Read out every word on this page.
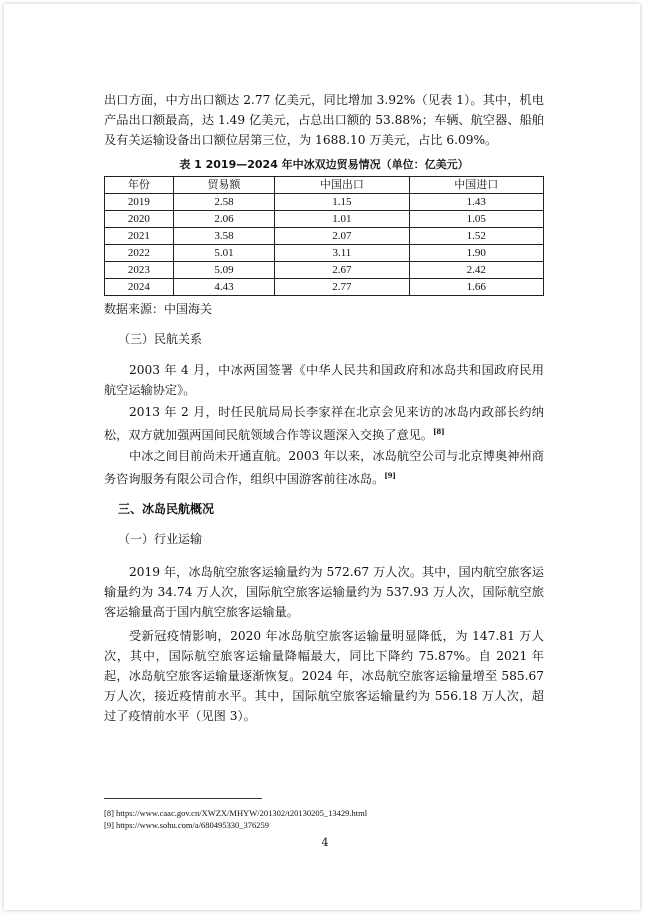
出口方面，中方出口额达 2.77 亿美元，同比增加 3.92%（见表 1）。其中，机电产品出口额最高，达 1.49 亿美元，占总出口额的 53.88%；车辆、航空器、船舶及有关运输设备出口额位居第三位，为 1688.10 万美元，占比 6.09%。

表 1 2019—2024 年中冰双边贸易情况（单位：亿美元）
年份	贸易额	中国出口	中国进口
2019	2.58	1.15	1.43
2020	2.06	1.01	1.05
2021	3.58	2.07	1.52
2022	5.01	3.11	1.90
2023	5.09	2.67	2.42
2024	4.43	2.77	1.66
数据来源：中国海关
（三）民航关系

2003 年 4 月，中冰两国签署《中华人民共和国政府和冰岛共和国政府民用航空运输协定》。

2013 年 2 月，时任民航局局长李家祥在北京会见来访的冰岛内政部长约纳松，双方就加强两国间民航领域合作等议题深入交换了意见。[8]

中冰之间目前尚未开通直航。2003 年以来，冰岛航空公司与北京博奥神州商务咨询服务有限公司合作，组织中国游客前往冰岛。[9]

三、冰岛民航概况
（一）行业运输

2019 年，冰岛航空旅客运输量约为 572.67 万人次。其中，国内航空旅客运输量约为 34.74 万人次，国际航空旅客运输量约为 537.93 万人次，国际航空旅客运输量高于国内航空旅客运输量。

受新冠疫情影响，2020 年冰岛航空旅客运输量明显降低，为 147.81 万人次，其中，国际航空旅客运输量降幅最大，同比下降约 75.87%。自 2021 年起，冰岛航空旅客运输量逐渐恢复。2024 年，冰岛航空旅客运输量增至 585.67 万人次，接近疫情前水平。其中，国际航空旅客运输量约为 556.18 万人次，超过了疫情前水平（见图 3）。

[8] https://www.caac.gov.cn/XWZX/MHYW/201302/t20130205_13429.html
[9] https://www.sohu.com/a/680495330_376259
4
